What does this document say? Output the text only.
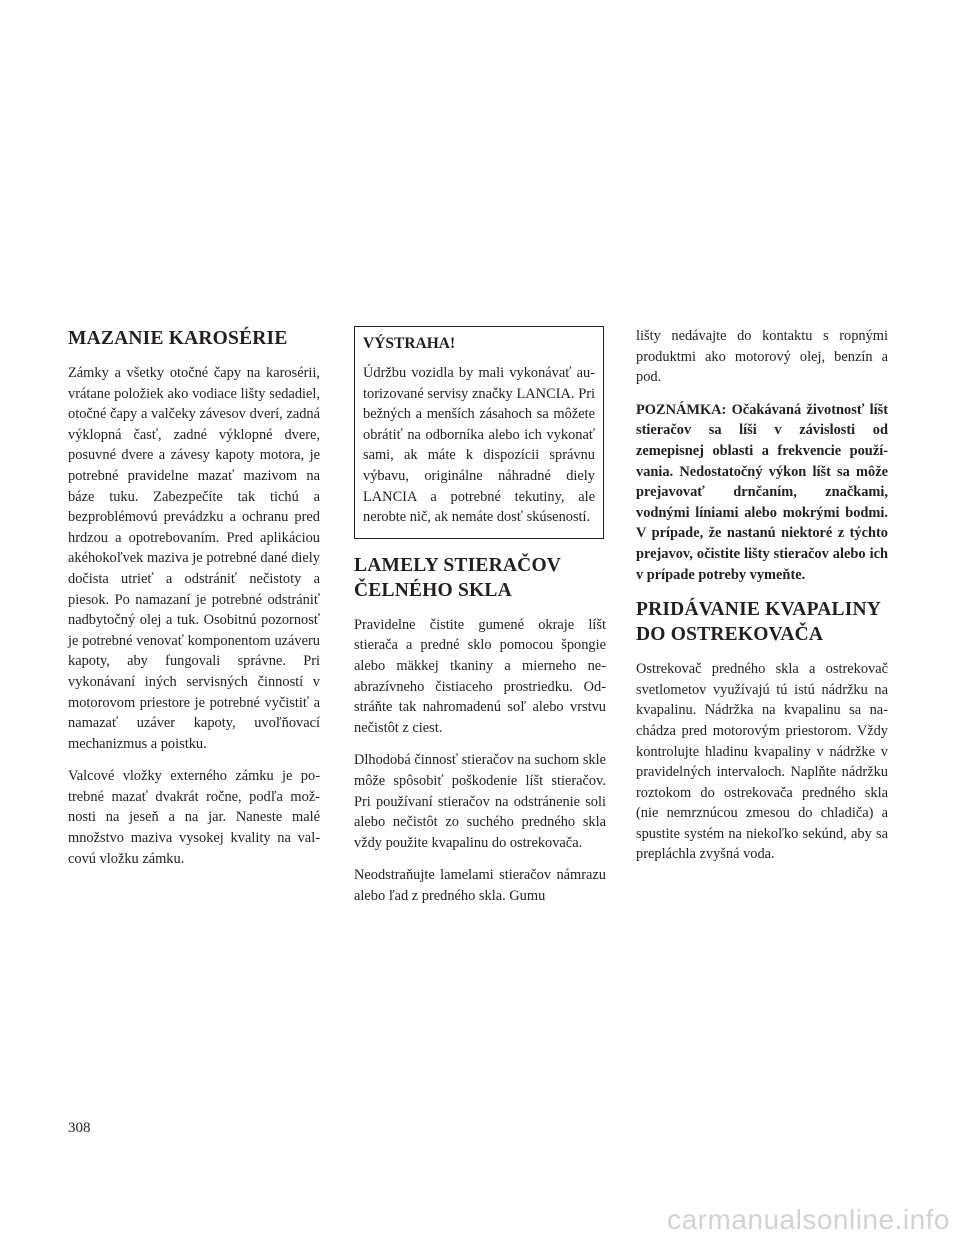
MAZANIE KAROSÉRIE

Zámky a všetky otočné čapy na karosérii, vrátane položiek ako vodiace lišty sedadiel, otočné čapy a valčeky závesov dverí, zadná výklopná časť, zadné výklopné dvere, posuvné dvere a závesy kapoty motora, je potrebné pravidelne mazať mazivom na báze tuku. Zabezpečíte tak tichú a bezproblémovú prevádzku a ochranu pred hrdzou a opotrebovaním. Pred aplikáciou akéhokoľvek maziva je potrebné dané diely dočista utrieť a odstrániť nečistoty a piesok. Po namazaní je potrebné odstrániť nadbytočný olej a tuk. Osobitnú pozornosť je potrebné venovať komponentom uzáveru kapoty, aby fungovali správne. Pri vykonávaní iných servisných činností v motorovom priestore je potrebné vyčistiť a namazať uzáver kapoty, uvoľňovací mechanizmus a poistku.

Valcové vložky externého zámku je potrebné mazať dvakrát ročne, podľa možnosti na jeseň a na jar. Naneste malé množstvo maziva vysokej kvality na valcovú vložku zámku.

VÝSTRAHA!

Údržbu vozidla by mali vykonávať autorizované servisy značky LANCIA. Pri bežných a menších zásahoch sa môžete obrátiť na odborníka alebo ich vykonať sami, ak máte k dispozícii správnu výbavu, originálne náhradné diely LANCIA a potrebné tekutiny, ale nerobte nič, ak nemáte dosť skúseností.

LAMELY STIERAČOV
ČELNÉHO SKLA

Pravidelne čistite gumené okraje líšt stierača a predné sklo pomocou špongie alebo mäkkej tkaniny a mierneho neabrazívneho čistiaceho prostriedku. Odstráňte tak nahromadenú soľ alebo vrstvu nečistôt z ciest.

Dlhodobá činnosť stieračov na suchom skle môže spôsobiť poškodenie líšt stieračov. Pri používaní stieračov na odstránenie soli alebo nečistôt zo suchého predného skla vždy použite kvapalinu do ostrekovača.

Neodstraňujte lamelami stieračov námrazu alebo ľad z predného skla. Gumu

lišty nedávajte do kontaktu s ropnými produktmi ako motorový olej, benzín a pod.

POZNÁMKA: Očakávaná životnosť líšt stieračov sa líši v závislosti od zemepisnej oblasti a frekvencie používania. Nedostatočný výkon líšt sa môže prejavovať drnčaním, značkami, vodnými líniami alebo mokrými bodmi. V prípade, že nastanú niektoré z týchto prejavov, očistite lišty stieračov alebo ich v prípade potreby vymeňte.

PRIDÁVANIE KVAPALINY
DO OSTREKOVAČA

Ostrekovač predného skla a ostrekovač svetlometov využívajú tú istú nádržku na kvapalinu. Nádržka na kvapalinu sa nachádza pred motorovým priestorom. Vždy kontrolujte hladinu kvapaliny v nádržke v pravidelných intervaloch. Naplňte nádržku roztokom do ostrekovača predného skla (nie nemrznúcou zmesou do chladiča) a spustite systém na niekoľko sekúnd, aby sa prepláchla zvyšná voda.

308
carmanualsonline.info
